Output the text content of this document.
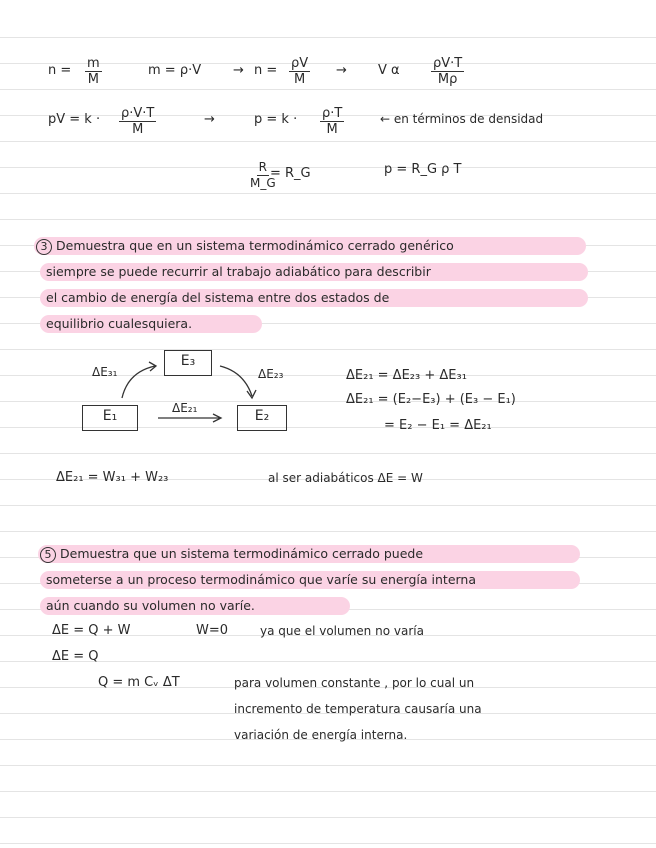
$n = \frac{m}{M}$	$m = \rho\cdot V \to n = \frac{\rho V}{M} \to V$ α $\frac{\rho V\cdot T}{M\rho}$
pV = $k \cdot \frac{\rho\cdot V\cdot T}{M}$	→	$p = k \cdot \frac{\rho\cdot T}{M}$	← en términos de densidad
$\frac{R}{M\_G}$
= R_G	p = R_G ρ T
3 Demuestra que en un sistema termodinámico cerrado genérico
siempre se puede recurrir al trabajo adiabático para describir
el cambio de energía del sistema entre dos estados de
equilibrio cualesquiera.
E₁
E₃
E₂
ΔE₃₁	ΔE₂₃
ΔE₂₁
ΔE₂₁ = ΔE₂₃ + ΔE₃₁
ΔE₂₁ = (E₂−E₃) + (E₃ − E₁)
= E₂ − E₁ = ΔE₂₁
ΔE₂₁ = W₃₁ + W₂₃	al ser adiabáticos ΔE = W
5 Demuestra que un sistema termodinámico cerrado puede
someterse a un proceso termodinámico que varíe su energía interna
aún cuando su volumen no varíe.
ΔE = Q + W	W=0	ya que el volumen no varía
ΔE = Q
Q = m Cᵥ ΔT	para volumen constante , por lo cual un
incremento de temperatura causaría una
variación de energía interna.
